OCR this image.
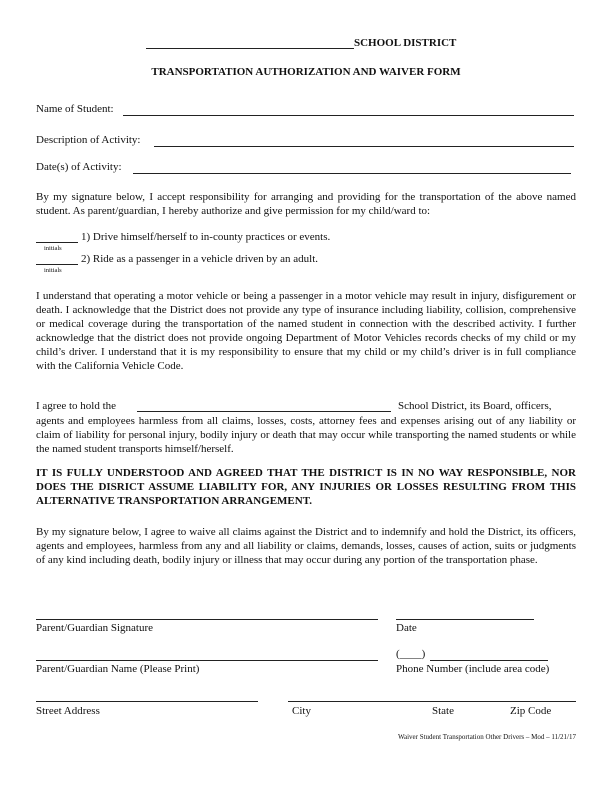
SCHOOL DISTRICT
TRANSPORTATION AUTHORIZATION AND WAIVER FORM
Name of Student:
Description of Activity:
Date(s) of Activity:

By my signature below, I accept responsibility for arranging and providing for the transportation of the above named student. As parent/guardian, I hereby authorize and give permission for my child/ward to:

1) Drive himself/herself to in-county practices or events.
initials
2) Ride as a passenger in a vehicle driven by an adult.
initials

I understand that operating a motor vehicle or being a passenger in a motor vehicle may result in injury, disfigurement or death. I acknowledge that the District does not provide any type of insurance including liability, collision, comprehensive or medical coverage during the transportation of the named student in connection with the described activity. I further acknowledge that the district does not provide ongoing Department of Motor Vehicles records checks of my child or my child’s driver. I understand that it is my responsibility to ensure that my child or my child’s driver is in full compliance with the California Vehicle Code.

I agree to hold the	School District, its Board, officers,

agents and employees harmless from all claims, losses, costs, attorney fees and expenses arising out of any liability or claim of liability for personal injury, bodily injury or death that may occur while transporting the named students or while the named student transports himself/herself.

IT IS FULLY UNDERSTOOD AND AGREED THAT THE DISTRICT IS IN NO WAY RESPONSIBLE, NOR DOES THE DISRICT ASSUME LIABILITY FOR, ANY INJURIES OR LOSSES RESULTING FROM THIS ALTERNATIVE TRANSPORTATION ARRANGEMENT.

By my signature below, I agree to waive all claims against the District and to indemnify and hold the District, its officers, agents and employees, harmless from any and all liability or claims, demands, losses, causes of action, suits or judgments of any kind including death, bodily injury or illness that may occur during any portion of the transportation phase.

Parent/Guardian Signature	Date
Parent/Guardian Name (Please Print)
(____)
Phone Number (include area code)
Street Address	City	State	Zip Code
Waiver Student Transportation Other Drivers – Mod – 11/21/17
